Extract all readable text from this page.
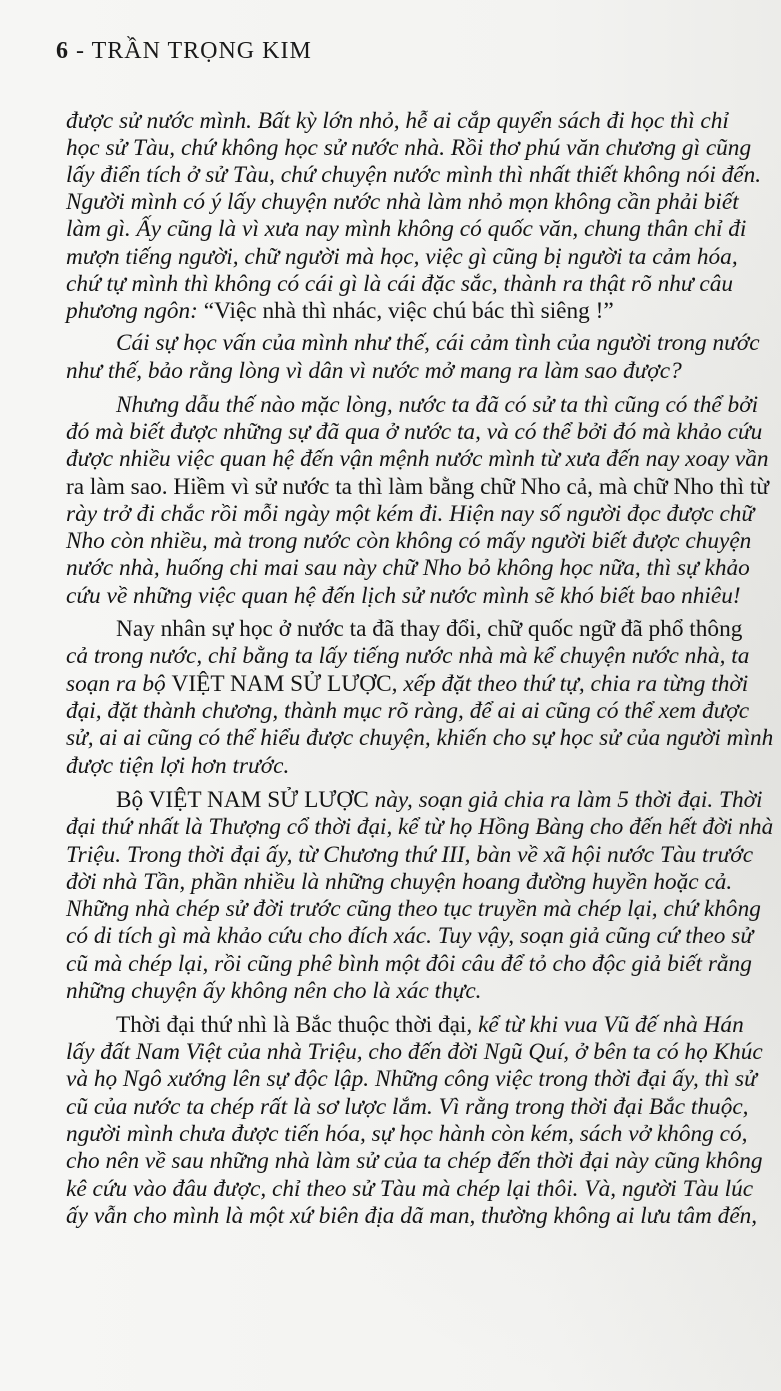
6 - TRẦN TRỌNG KIM
được sử nước mình. Bất kỳ lớn nhỏ, hễ ai cắp quyển sách đi học thì chỉ
học sử Tàu, chứ không học sử nước nhà. Rồi thơ phú văn chương gì cũng
lấy điển tích ở sử Tàu, chứ chuyện nước mình thì nhất thiết không nói đến.
Người mình có ý lấy chuyện nước nhà làm nhỏ mọn không cần phải biết
làm gì. Ấy cũng là vì xưa nay mình không có quốc văn, chung thân chỉ đi
mượn tiếng người, chữ người mà học, việc gì cũng bị người ta cảm hóa,
chứ tự mình thì không có cái gì là cái đặc sắc, thành ra thật rõ như câu
phương ngôn: “Việc nhà thì nhác, việc chú bác thì siêng !”
Cái sự học vấn của mình như thế, cái cảm tình của người trong nước
như thế, bảo rằng lòng vì dân vì nước mở mang ra làm sao được?
Nhưng dẫu thế nào mặc lòng, nước ta đã có sử ta thì cũng có thể bởi
đó mà biết được những sự đã qua ở nước ta, và có thể bởi đó mà khảo cứu
được nhiều việc quan hệ đến vận mệnh nước mình từ xưa đến nay xoay vần
ra làm sao. Hiềm vì sử nước ta thì làm bằng chữ Nho cả, mà chữ Nho thì từ
rày trở đi chắc rồi mỗi ngày một kém đi. Hiện nay số người đọc được chữ
Nho còn nhiều, mà trong nước còn không có mấy người biết được chuyện
nước nhà, huống chi mai sau này chữ Nho bỏ không học nữa, thì sự khảo
cứu về những việc quan hệ đến lịch sử nước mình sẽ khó biết bao nhiêu!
Nay nhân sự học ở nước ta đã thay đổi, chữ quốc ngữ đã phổ thông
cả trong nước, chỉ bằng ta lấy tiếng nước nhà mà kể chuyện nước nhà, ta
soạn ra bộ VIỆT NAM SỬ LƯỢC, xếp đặt theo thứ tự, chia ra từng thời
đại, đặt thành chương, thành mục rõ ràng, để ai ai cũng có thể xem được
sử, ai ai cũng có thể hiểu được chuyện, khiến cho sự học sử của người mình
được tiện lợi hơn trước.
Bộ VIỆT NAM SỬ LƯỢC này, soạn giả chia ra làm 5 thời đại. Thời
đại thứ nhất là Thượng cổ thời đại, kể từ họ Hồng Bàng cho đến hết đời nhà
Triệu. Trong thời đại ấy, từ Chương thứ III, bàn về xã hội nước Tàu trước
đời nhà Tần, phần nhiều là những chuyện hoang đường huyền hoặc cả.
Những nhà chép sử đời trước cũng theo tục truyền mà chép lại, chứ không
có di tích gì mà khảo cứu cho đích xác. Tuy vậy, soạn giả cũng cứ theo sử
cũ mà chép lại, rồi cũng phê bình một đôi câu để tỏ cho độc giả biết rằng
những chuyện ấy không nên cho là xác thực.
Thời đại thứ nhì là Bắc thuộc thời đại, kể từ khi vua Vũ đế nhà Hán
lấy đất Nam Việt của nhà Triệu, cho đến đời Ngũ Quí, ở bên ta có họ Khúc
và họ Ngô xướng lên sự độc lập. Những công việc trong thời đại ấy, thì sử
cũ của nước ta chép rất là sơ lược lắm. Vì rằng trong thời đại Bắc thuộc,
người mình chưa được tiến hóa, sự học hành còn kém, sách vở không có,
cho nên về sau những nhà làm sử của ta chép đến thời đại này cũng không
kê cứu vào đâu được, chỉ theo sử Tàu mà chép lại thôi. Và, người Tàu lúc
ấy vẫn cho mình là một xứ biên địa dã man, thường không ai lưu tâm đến,
